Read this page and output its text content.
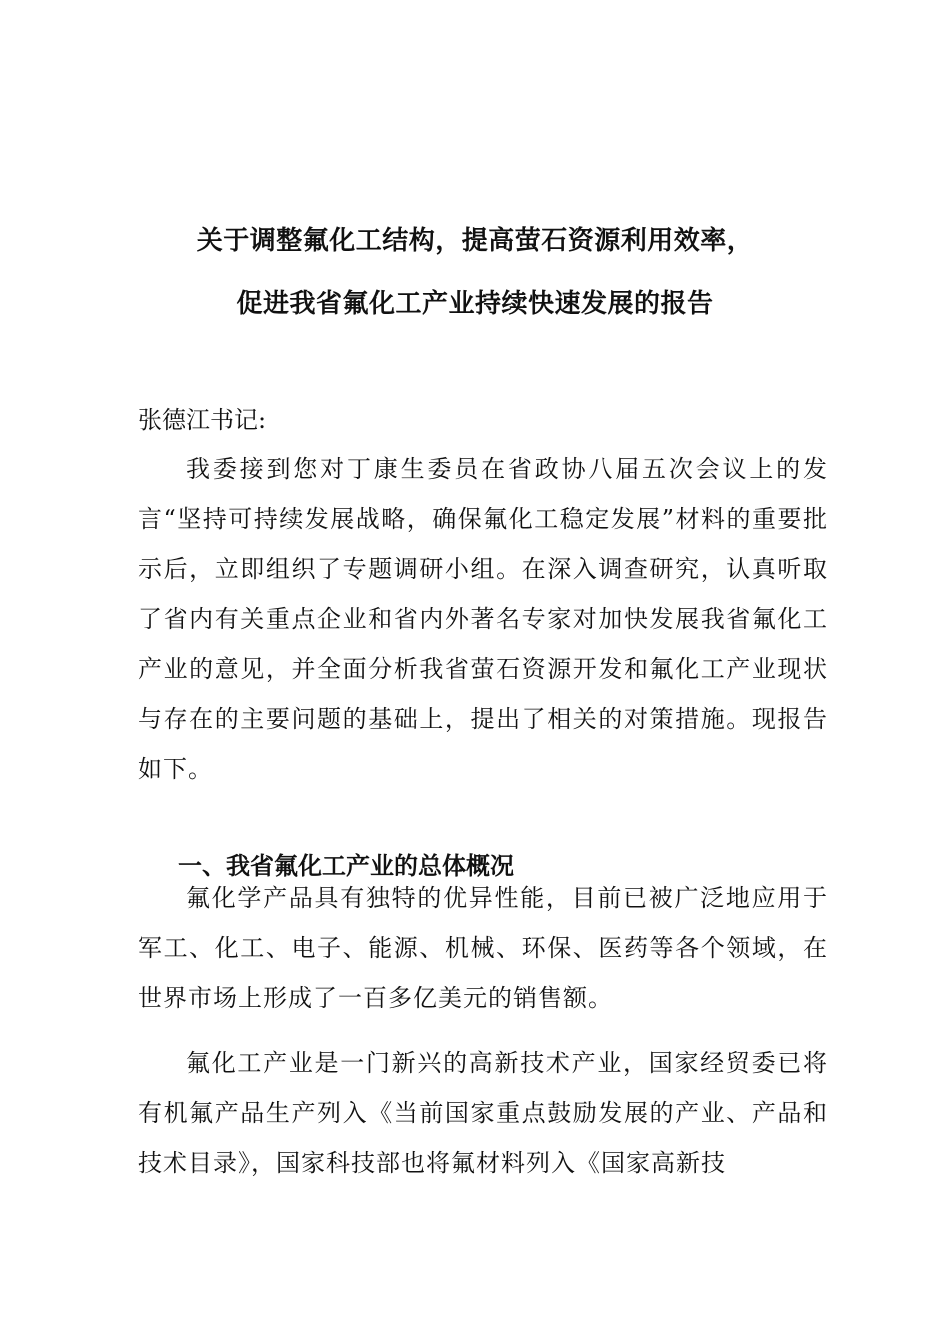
关于调整氟化工结构，提高萤石资源利用效率，
促进我省氟化工产业持续快速发展的报告
张德江书记:

我委接到您对丁康生委员在省政协八届五次会议上的发言“坚持可持续发展战略，确保氟化工稳定发展”材料的重要批示后，立即组织了专题调研小组。在深入调查研究，认真听取了省内有关重点企业和省内外著名专家对加快发展我省氟化工产业的意见，并全面分析我省萤石资源开发和氟化工产业现状与存在的主要问题的基础上，提出了相关的对策措施。现报告如下。

一、我省氟化工产业的总体概况

氟化学产品具有独特的优异性能，目前已被广泛地应用于军工、化工、电子、能源、机械、环保、医药等各个领域，在世界市场上形成了一百多亿美元的销售额。

氟化工产业是一门新兴的高新技术产业，国家经贸委已将有机氟产品生产列入《当前国家重点鼓励发展的产业、产品和技术目录》，国家科技部也将氟材料列入《国家高新技
